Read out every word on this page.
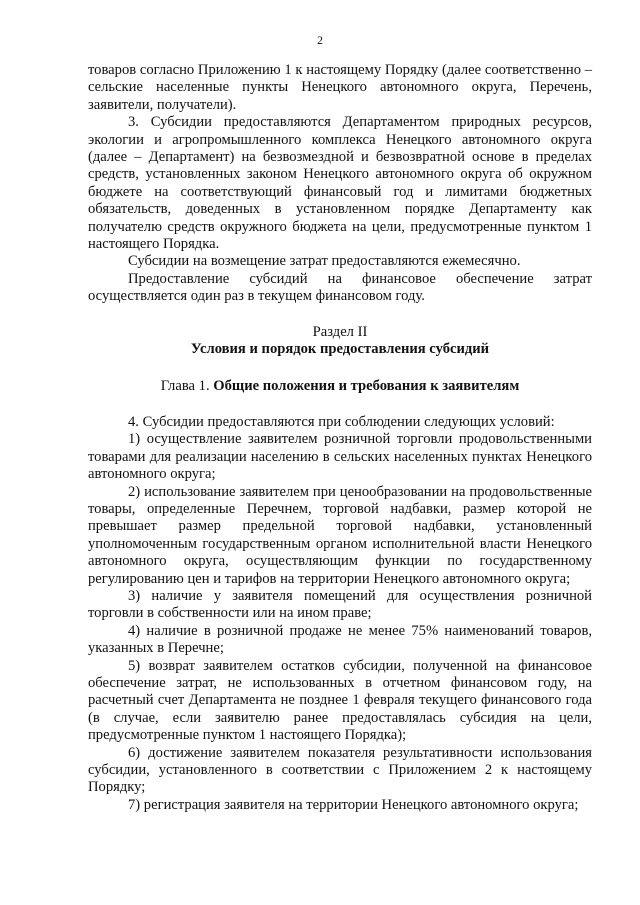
2

товаров согласно Приложению 1 к настоящему Порядку (далее соответственно – сельские населенные пункты Ненецкого автономного округа, Перечень, заявители, получатели).

3. Субсидии предоставляются Департаментом природных ресурсов, экологии и агропромышленного комплекса Ненецкого автономного округа (далее – Департамент) на безвозмездной и безвозвратной основе в пределах средств, установленных законом Ненецкого автономного округа об окружном бюджете на соответствующий финансовый год и лимитами бюджетных обязательств, доведенных в установленном порядке Департаменту как получателю средств окружного бюджета на цели, предусмотренные пунктом 1 настоящего Порядка.

Субсидии на возмещение затрат предоставляются ежемесячно.

Предоставление субсидий на финансовое обеспечение затрат осуществляется один раз в текущем финансовом году.

Раздел II

Условия и порядок предоставления субсидий

Глава 1. Общие положения и требования к заявителям

4. Субсидии предоставляются при соблюдении следующих условий:

1) осуществление заявителем розничной торговли продовольственными товарами для реализации населению в сельских населенных пунктах Ненецкого автономного округа;

2) использование заявителем при ценообразовании на продовольственные товары, определенные Перечнем, торговой надбавки, размер которой не превышает размер предельной торговой надбавки, установленный уполномоченным государственным органом исполнительной власти Ненецкого автономного округа, осуществляющим функции по государственному регулированию цен и тарифов на территории Ненецкого автономного округа;

3) наличие у заявителя помещений для осуществления розничной торговли в собственности или на ином праве;

4) наличие в розничной продаже не менее 75% наименований товаров, указанных в Перечне;

5) возврат заявителем остатков субсидии, полученной на финансовое обеспечение затрат, не использованных в отчетном финансовом году, на расчетный счет Департамента не позднее 1 февраля текущего финансового года (в случае, если заявителю ранее предоставлялась субсидия на цели, предусмотренные пунктом 1 настоящего Порядка);

6) достижение заявителем показателя результативности использования субсидии, установленного в соответствии с Приложением 2 к настоящему Порядку;

7) регистрация заявителя на территории Ненецкого автономного округа;
